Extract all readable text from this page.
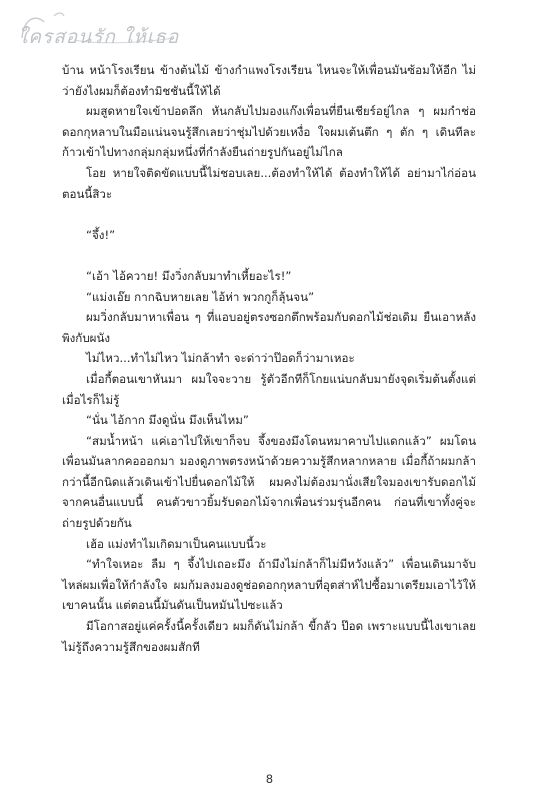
ใครสอนรัก ให้เธอ

บ้าน หน้าโรงเรียน ข้างต้นไม้ ข้างกำแพงโรงเรียน ไหนจะให้เพื่อนมันซ้อมให้อีก ไม่ว่ายังไงผมก็ต้องทำมิชชันนี้ให้ได้

ผมสูดหายใจเข้าปอดลึก หันกลับไปมองแก๊งเพื่อนที่ยืนเชียร์อยู่ไกล ๆ ผมกำช่อดอกกุหลาบในมือแน่นจนรู้สึกเลยว่าชุ่มไปด้วยเหงื่อ ใจผมเต้นตึก ๆ ตัก ๆ เดินทีละก้าวเข้าไปทางกลุ่มกลุ่มหนึ่งที่กำลังยืนถ่ายรูปกันอยู่ไม่ไกล

โอย หายใจติดขัดแบบนี้ไม่ชอบเลย...ต้องทำให้ได้ ต้องทำให้ได้ อย่ามาไก่อ่อนตอนนี้สิวะ

“จึ้ง!”

“เอ้า ไอ้ควาย! มึงวิ่งกลับมาทำเหี้ยอะไร!”

“แม่งเอ๊ย กากฉิบหายเลย ไอ้ห่า พวกกูก็ลุ้นจน”

ผมวิ่งกลับมาหาเพื่อน ๆ ที่แอบอยู่ตรงซอกตึกพร้อมกับดอกไม้ช่อเดิม ยืนเอาหลังพิงกับผนัง

ไม่ไหว...ทำไม่ไหว ไม่กล้าทำ จะด่าว่าป๊อดก็ว่ามาเหอะ

เมื่อกี้ตอนเขาหันมา ผมใจจะวาย รู้ตัวอีกทีก็โกยแน่บกลับมายังจุดเริ่มต้นตั้งแต่เมื่อไรก็ไม่รู้

“นั่น ไอ้กาก มึงดูนั่น มึงเห็นไหม”

“สมน้ำหน้า แค่เอาไปให้เขาก็จบ จึ้งของมึงโดนหมาคาบไปแดกแล้ว” ผมโดนเพื่อนมันลากคอออกมา มองดูภาพตรงหน้าด้วยความรู้สึกหลากหลาย เมื่อกี้ถ้าผมกล้ากว่านี้อีกนิดแล้วเดินเข้าไปยื่นดอกไม้ให้ ผมคงไม่ต้องมานั่งเสียใจมองเขารับดอกไม้จากคนอื่นแบบนี้ คนตัวขาวยิ้มรับดอกไม้จากเพื่อนร่วมรุ่นอีกคน ก่อนที่เขาทั้งคู่จะถ่ายรูปด้วยกัน

เฮ้อ แม่งทำไมเกิดมาเป็นคนแบบนี้วะ

“ทำใจเหอะ ลืม ๆ จึ้งไปเถอะมึง ถ้ามึงไม่กล้าก็ไม่มีหวังแล้ว” เพื่อนเดินมาจับไหล่ผมเพื่อให้กำลังใจ ผมก้มลงมองดูช่อดอกกุหลาบที่อุตส่าห์ไปซื้อมาเตรียมเอาไว้ให้เขาคนนั้น แต่ตอนนี้มันดันเป็นหมันไปซะแล้ว

มีโอกาสอยู่แค่ครั้งนี้ครั้งเดียว ผมก็ดันไม่กล้า ขี้กลัว ป๊อด เพราะแบบนี้ไงเขาเลยไม่รู้ถึงความรู้สึกของผมสักที

8
